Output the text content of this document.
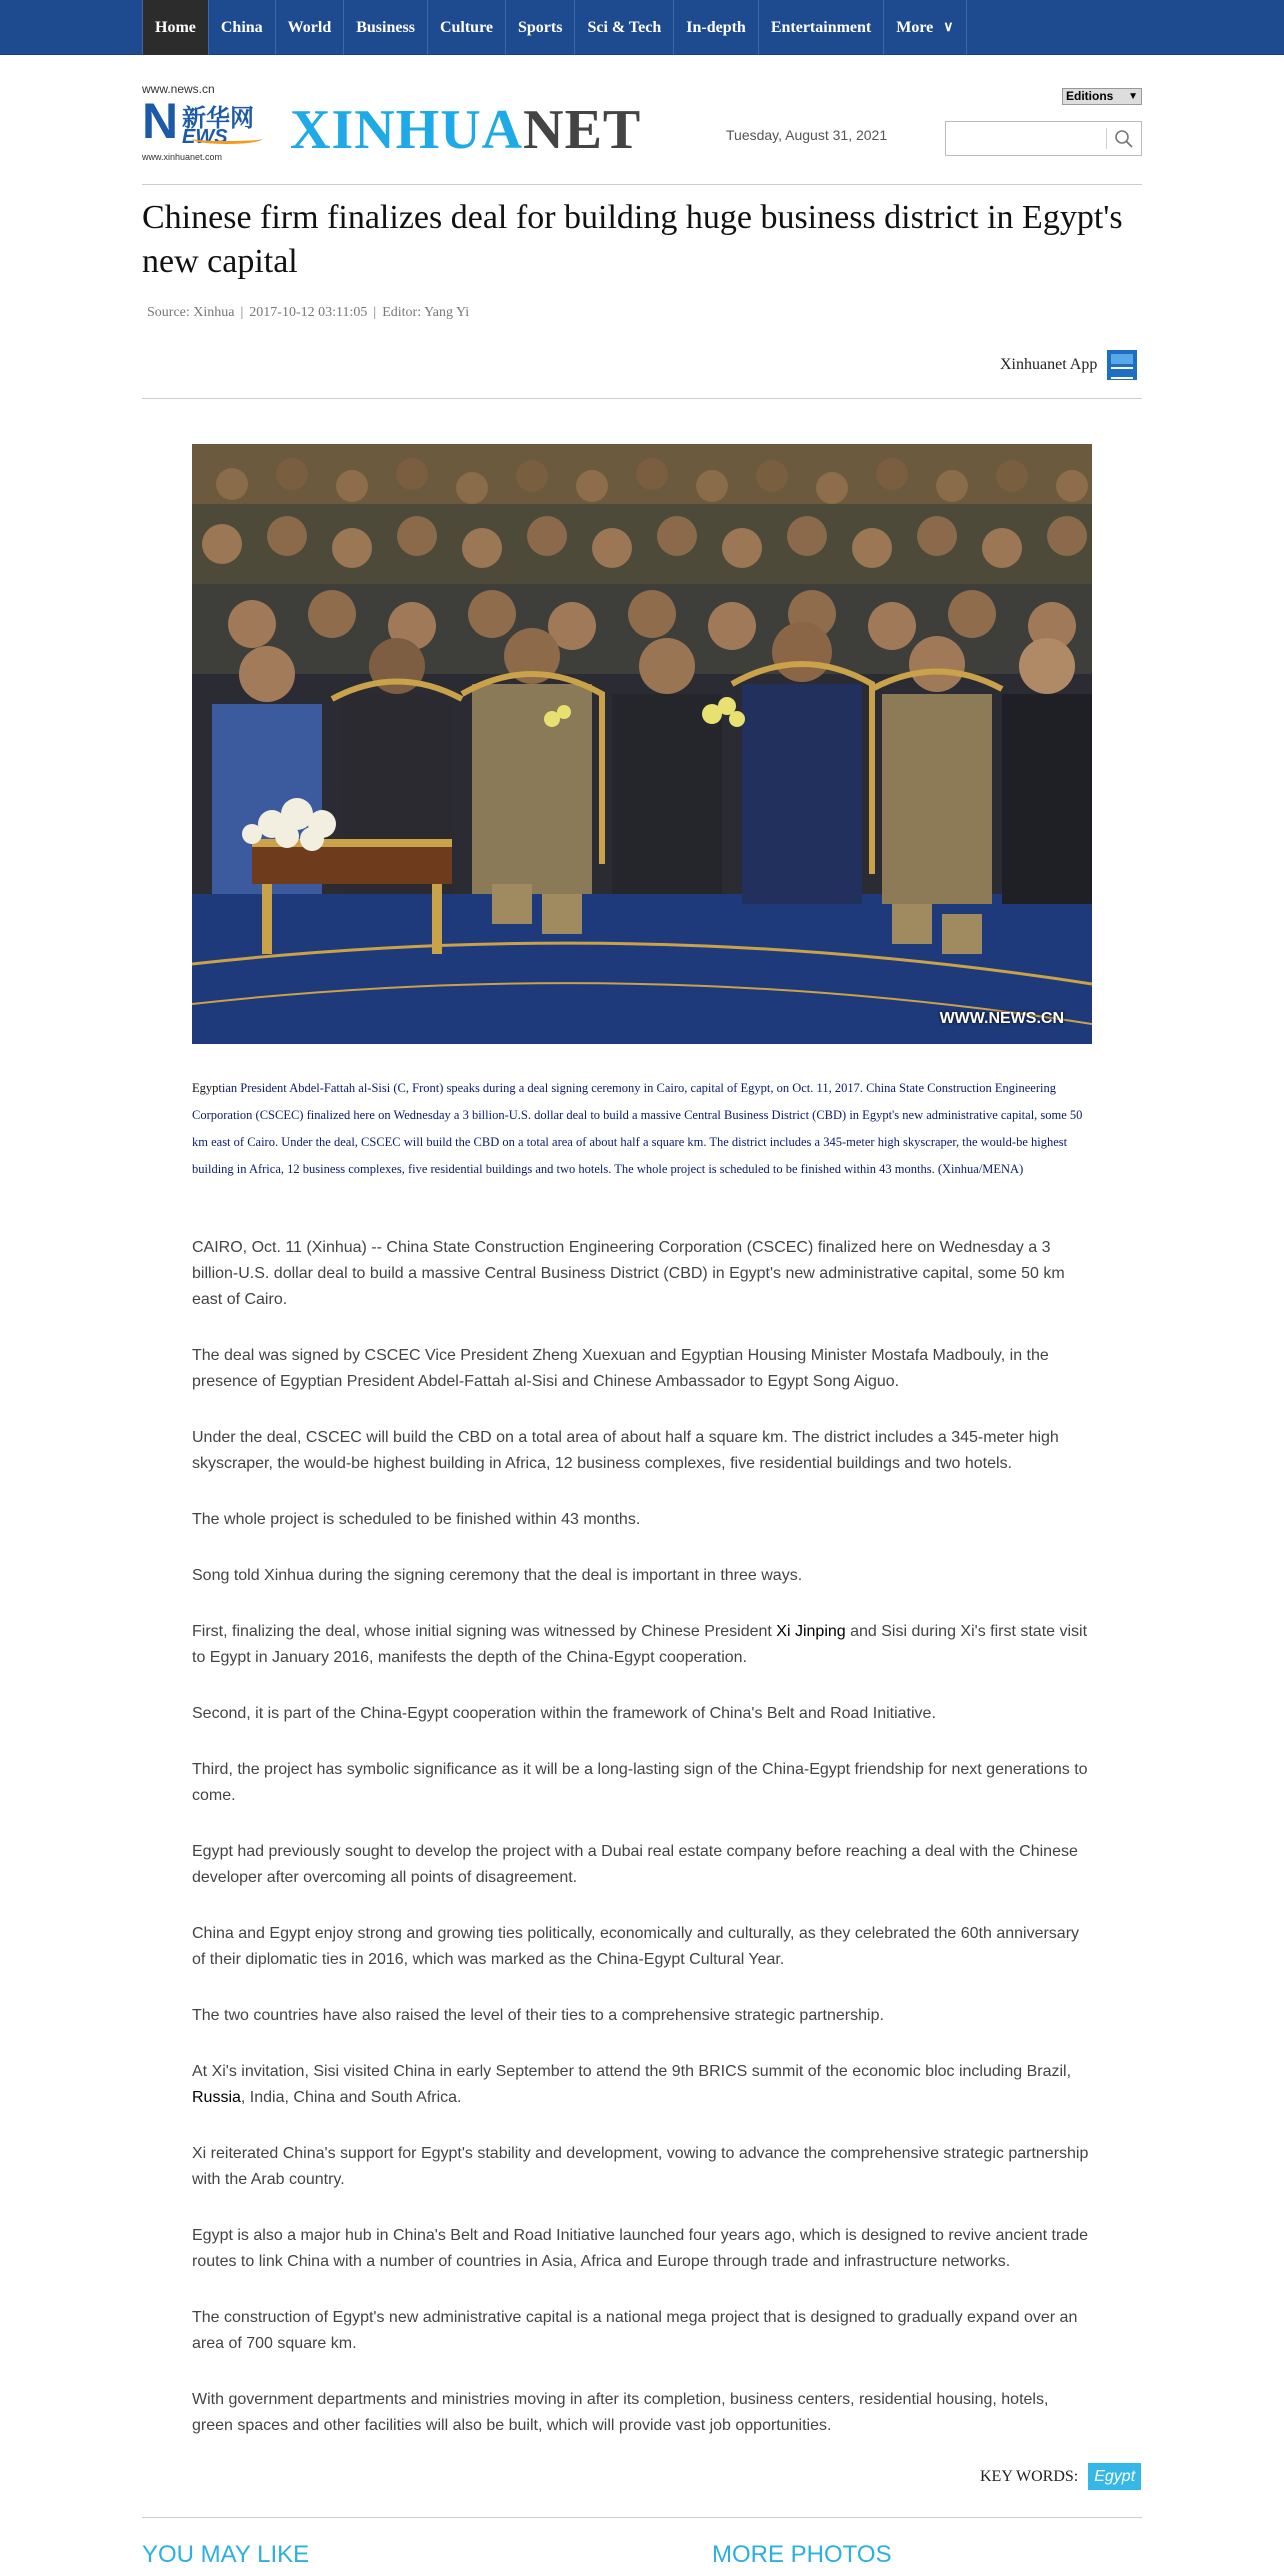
Home China World Business Culture Sports Sci & Tech In-depth Entertainment More ∨
www.news.cn
N 新华网
EWS
www.xinhuanet.com XINHUANET	Tuesday, August 31, 2021
Editions ▼
Chinese firm finalizes deal for building huge business district in Egypt's new capital
Source: Xinhua | 2017-10-12 03:11:05 | Editor: Yang Yi
Xinhuanet App
WWW.NEWS.CN

Egyptian President Abdel-Fattah al-Sisi (C, Front) speaks during a deal signing ceremony in Cairo, capital of Egypt, on Oct. 11, 2017. China State Construction Engineering Corporation (CSCEC) finalized here on Wednesday a 3 billion-U.S. dollar deal to build a massive Central Business District (CBD) in Egypt's new administrative capital, some 50 km east of Cairo. Under the deal, CSCEC will build the CBD on a total area of about half a square km. The district includes a 345-meter high skyscraper, the would-be highest building in Africa, 12 business complexes, five residential buildings and two hotels. The whole project is scheduled to be finished within 43 months. (Xinhua/MENA)

CAIRO, Oct. 11 (Xinhua) -- China State Construction Engineering Corporation (CSCEC) finalized here on Wednesday a 3 billion-U.S. dollar deal to build a massive Central Business District (CBD) in Egypt's new administrative capital, some 50 km east of Cairo.

The deal was signed by CSCEC Vice President Zheng Xuexuan and Egyptian Housing Minister Mostafa Madbouly, in the presence of Egyptian President Abdel-Fattah al-Sisi and Chinese Ambassador to Egypt Song Aiguo.

Under the deal, CSCEC will build the CBD on a total area of about half a square km. The district includes a 345-meter high skyscraper, the would-be highest building in Africa, 12 business complexes, five residential buildings and two hotels.

The whole project is scheduled to be finished within 43 months.

Song told Xinhua during the signing ceremony that the deal is important in three ways.

First, finalizing the deal, whose initial signing was witnessed by Chinese President Xi Jinping and Sisi during Xi's first state visit to Egypt in January 2016, manifests the depth of the China-Egypt cooperation.

Second, it is part of the China-Egypt cooperation within the framework of China's Belt and Road Initiative.

Third, the project has symbolic significance as it will be a long-lasting sign of the China-Egypt friendship for next generations to come.

Egypt had previously sought to develop the project with a Dubai real estate company before reaching a deal with the Chinese developer after overcoming all points of disagreement.

China and Egypt enjoy strong and growing ties politically, economically and culturally, as they celebrated the 60th anniversary of their diplomatic ties in 2016, which was marked as the China-Egypt Cultural Year.

The two countries have also raised the level of their ties to a comprehensive strategic partnership.

At Xi's invitation, Sisi visited China in early September to attend the 9th BRICS summit of the economic bloc including Brazil, Russia, India, China and South Africa.

Xi reiterated China's support for Egypt's stability and development, vowing to advance the comprehensive strategic partnership with the Arab country.

Egypt is also a major hub in China's Belt and Road Initiative launched four years ago, which is designed to revive ancient trade routes to link China with a number of countries in Asia, Africa and Europe through trade and infrastructure networks.

The construction of Egypt's new administrative capital is a national mega project that is designed to gradually expand over an area of 700 square km.

With government departments and ministries moving in after its completion, business centers, residential housing, hotels, green spaces and other facilities will also be built, which will provide vast job opportunities.

KEY WORDS:	Egypt
YOU MAY LIKE	MORE PHOTOS
